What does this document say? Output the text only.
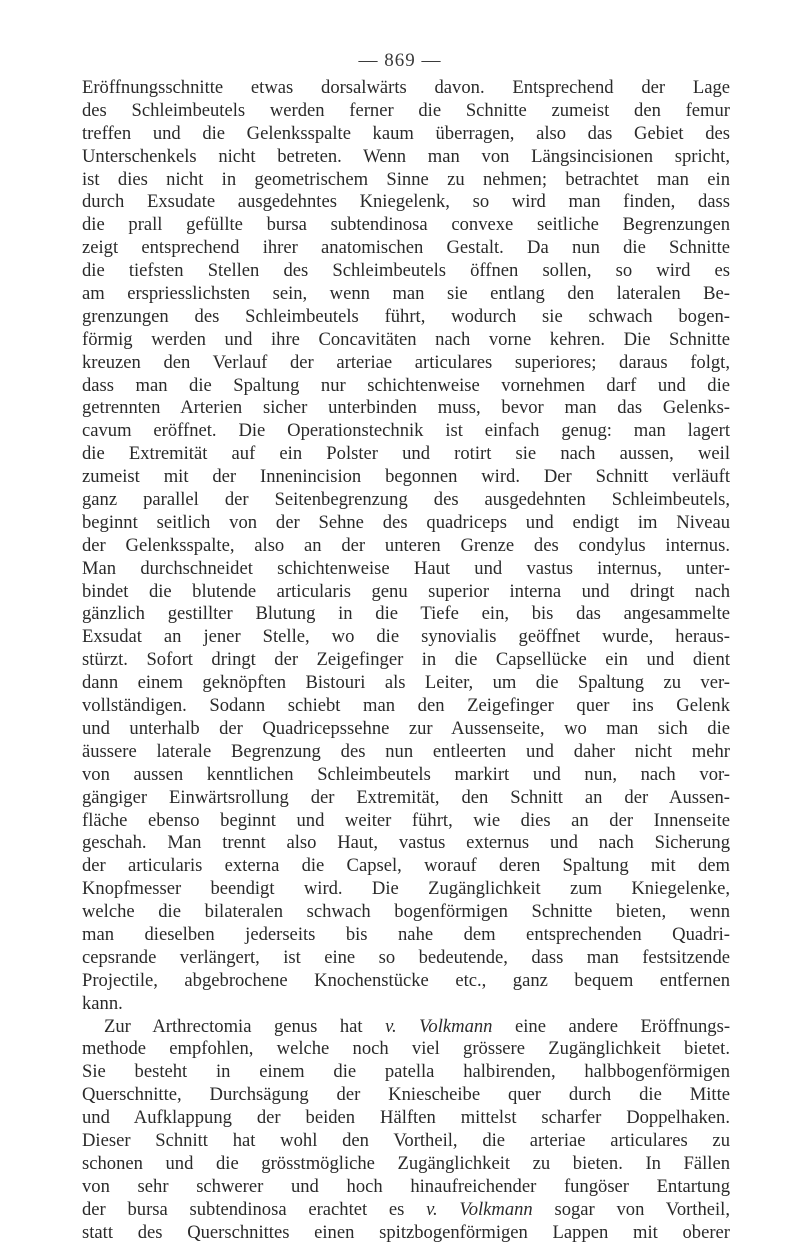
— 869 —
Eröffnungsschnitte etwas dorsalwärts davon. Entsprechend der Lage
des Schleimbeutels werden ferner die Schnitte zumeist den femur
treffen und die Gelenksspalte kaum überragen, also das Gebiet des
Unterschenkels nicht betreten. Wenn man von Längsincisionen spricht,
ist dies nicht in geometrischem Sinne zu nehmen; betrachtet man ein
durch Exsudate ausgedehntes Kniegelenk, so wird man finden, dass
die prall gefüllte bursa subtendinosa convexe seitliche Begrenzungen
zeigt entsprechend ihrer anatomischen Gestalt. Da nun die Schnitte
die tiefsten Stellen des Schleimbeutels öffnen sollen, so wird es
am erspriesslichsten sein, wenn man sie entlang den lateralen Be-
grenzungen des Schleimbeutels führt, wodurch sie schwach bogen-
förmig werden und ihre Concavitäten nach vorne kehren. Die Schnitte
kreuzen den Verlauf der arteriae articulares superiores; daraus folgt,
dass man die Spaltung nur schichtenweise vornehmen darf und die
getrennten Arterien sicher unterbinden muss, bevor man das Gelenks-
cavum eröffnet. Die Operationstechnik ist einfach genug: man lagert
die Extremität auf ein Polster und rotirt sie nach aussen, weil
zumeist mit der Innenincision begonnen wird. Der Schnitt verläuft
ganz parallel der Seitenbegrenzung des ausgedehnten Schleimbeutels,
beginnt seitlich von der Sehne des quadriceps und endigt im Niveau
der Gelenksspalte, also an der unteren Grenze des condylus internus.
Man durchschneidet schichtenweise Haut und vastus internus, unter-
bindet die blutende articularis genu superior interna und dringt nach
gänzlich gestillter Blutung in die Tiefe ein, bis das angesammelte
Exsudat an jener Stelle, wo die synovialis geöffnet wurde, heraus-
stürzt. Sofort dringt der Zeigefinger in die Capsellücke ein und dient
dann einem geknöpften Bistouri als Leiter, um die Spaltung zu ver-
vollständigen. Sodann schiebt man den Zeigefinger quer ins Gelenk
und unterhalb der Quadricepssehne zur Aussenseite, wo man sich die
äussere laterale Begrenzung des nun entleerten und daher nicht mehr
von aussen kenntlichen Schleimbeutels markirt und nun, nach vor-
gängiger Einwärtsrollung der Extremität, den Schnitt an der Aussen-
fläche ebenso beginnt und weiter führt, wie dies an der Innenseite
geschah. Man trennt also Haut, vastus externus und nach Sicherung
der articularis externa die Capsel, worauf deren Spaltung mit dem
Knopfmesser beendigt wird. Die Zugänglichkeit zum Kniegelenke,
welche die bilateralen schwach bogenförmigen Schnitte bieten, wenn
man dieselben jederseits bis nahe dem entsprechenden Quadri-
cepsrande verlängert, ist eine so bedeutende, dass man festsitzende
Projectile, abgebrochene Knochenstücke etc., ganz bequem entfernen
kann.
Zur Arthrectomia genus hat v. Volkmann eine andere Eröffnungs-
methode empfohlen, welche noch viel grössere Zugänglichkeit bietet.
Sie besteht in einem die patella halbirenden, halbbogenförmigen
Querschnitte, Durchsägung der Kniescheibe quer durch die Mitte
und Aufklappung der beiden Hälften mittelst scharfer Doppelhaken.
Dieser Schnitt hat wohl den Vortheil, die arteriae articulares zu
schonen und die grösstmögliche Zugänglichkeit zu bieten. In Fällen
von sehr schwerer und hoch hinaufreichender fungöser Entartung
der bursa subtendinosa erachtet es v. Volkmann sogar von Vortheil,
statt des Querschnittes einen spitzbogenförmigen Lappen mit oberer
